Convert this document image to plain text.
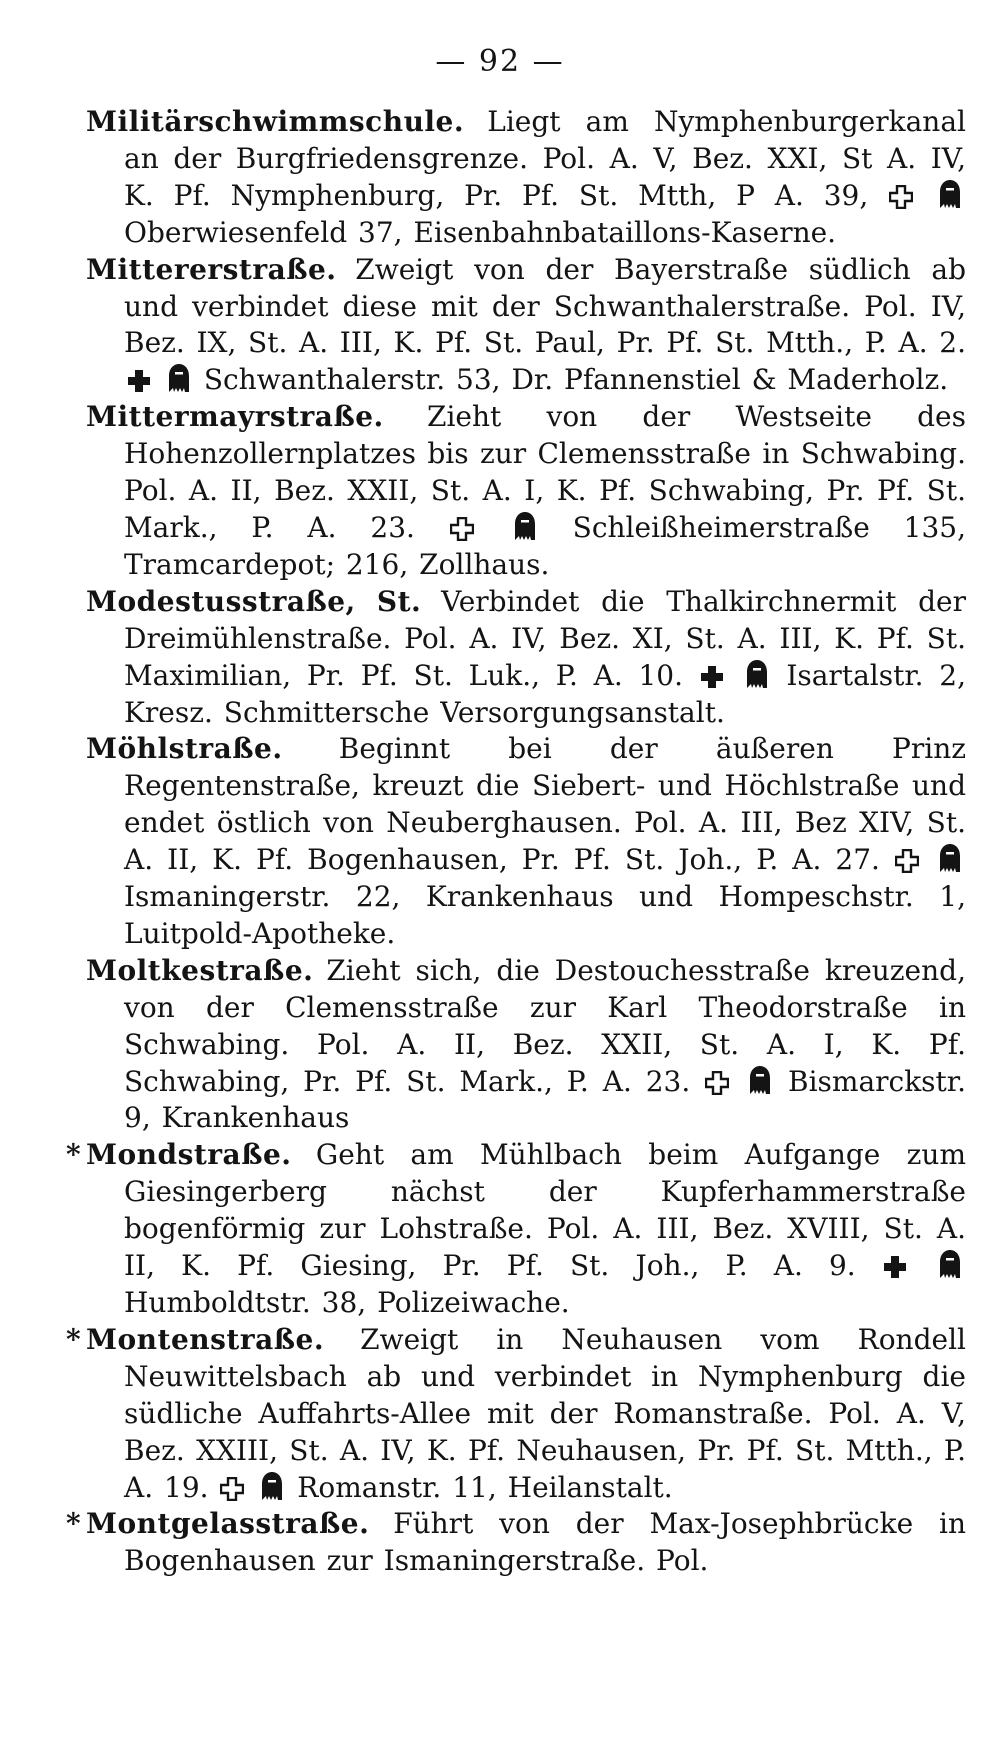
— 92 —

Militärschwimmschule. Liegt am Nymphenburgerkanal an der Burgfriedensgrenze. Pol. A. V, Bez. XXI, St A. IV, K. Pf. Nymphenburg, Pr. Pf. St. Mtth, P A. 39,

Oberwiesenfeld 37, Eisenbahnbataillons-Kaserne.

Mittererstraße. Zweigt von der Bayerstraße südlich ab und verbindet diese mit der Schwanthalerstraße. Pol. IV, Bez. IX, St. A. III, K. Pf. St. Paul, Pr. Pf. St. Mtth., P. A. 2.

Schwanthalerstr. 53, Dr. Pfannenstiel & Maderholz.

Mittermayrstraße. Zieht von der Westseite des Hohenzollernplatzes bis zur Clemensstraße in Schwabing. Pol. A. II, Bez. XXII, St. A. I, K. Pf. Schwabing, Pr. Pf. St. Mark., P. A. 23.
	Schleißheimerstraße 135, Tramcardepot; 216, Zollhaus.

Modestusstraße, St. Verbindet die Thalkirchnermit der Dreimühlenstraße. Pol. A. IV, Bez. XI, St. A. III, K. Pf. St. Maximilian, Pr. Pf. St. Luk., P. A. 10.
	Isartalstr. 2, Kresz. Schmittersche Versorgungsanstalt.

Möhlstraße. Beginnt bei der äußeren Prinz Regentenstraße, kreuzt die Siebert- und Höchlstraße und endet östlich von Neuberghausen. Pol. A. III, Bez XIV, St. A. II, K. Pf. Bogenhausen, Pr. Pf. St. Joh., P. A. 27.

Ismaningerstr. 22, Krankenhaus und Hompeschstr. 1, Luitpold-Apotheke.

Moltkestraße. Zieht sich, die Destouchesstraße kreuzend, von der Clemensstraße zur Karl Theodorstraße in Schwabing. Pol. A. II, Bez. XXII, St. A. I, K. Pf. Schwabing, Pr. Pf. St. Mark., P. A. 23.
	Bismarckstr. 9, Krankenhaus

* Mondstraße. Geht am Mühlbach beim Aufgange zum Giesingerberg nächst der Kupferhammerstraße bogenförmig zur Lohstraße. Pol. A. III, Bez. XVIII, St. A. II, K. Pf. Giesing, Pr. Pf. St. Joh., P. A. 9.

Humboldtstr. 38, Polizeiwache.

* Montenstraße. Zweigt in Neuhausen vom Rondell Neuwittelsbach ab und verbindet in Nymphenburg die südliche Auffahrts-Allee mit der Romanstraße. Pol. A. V, Bez. XXIII, St. A. IV, K. Pf. Neuhausen, Pr. Pf. St. Mtth., P. A. 19.
	Romanstr. 11, Heilanstalt.

* Montgelasstraße. Führt von der Max-Josephbrücke in Bogenhausen zur Ismaningerstraße. Pol.
